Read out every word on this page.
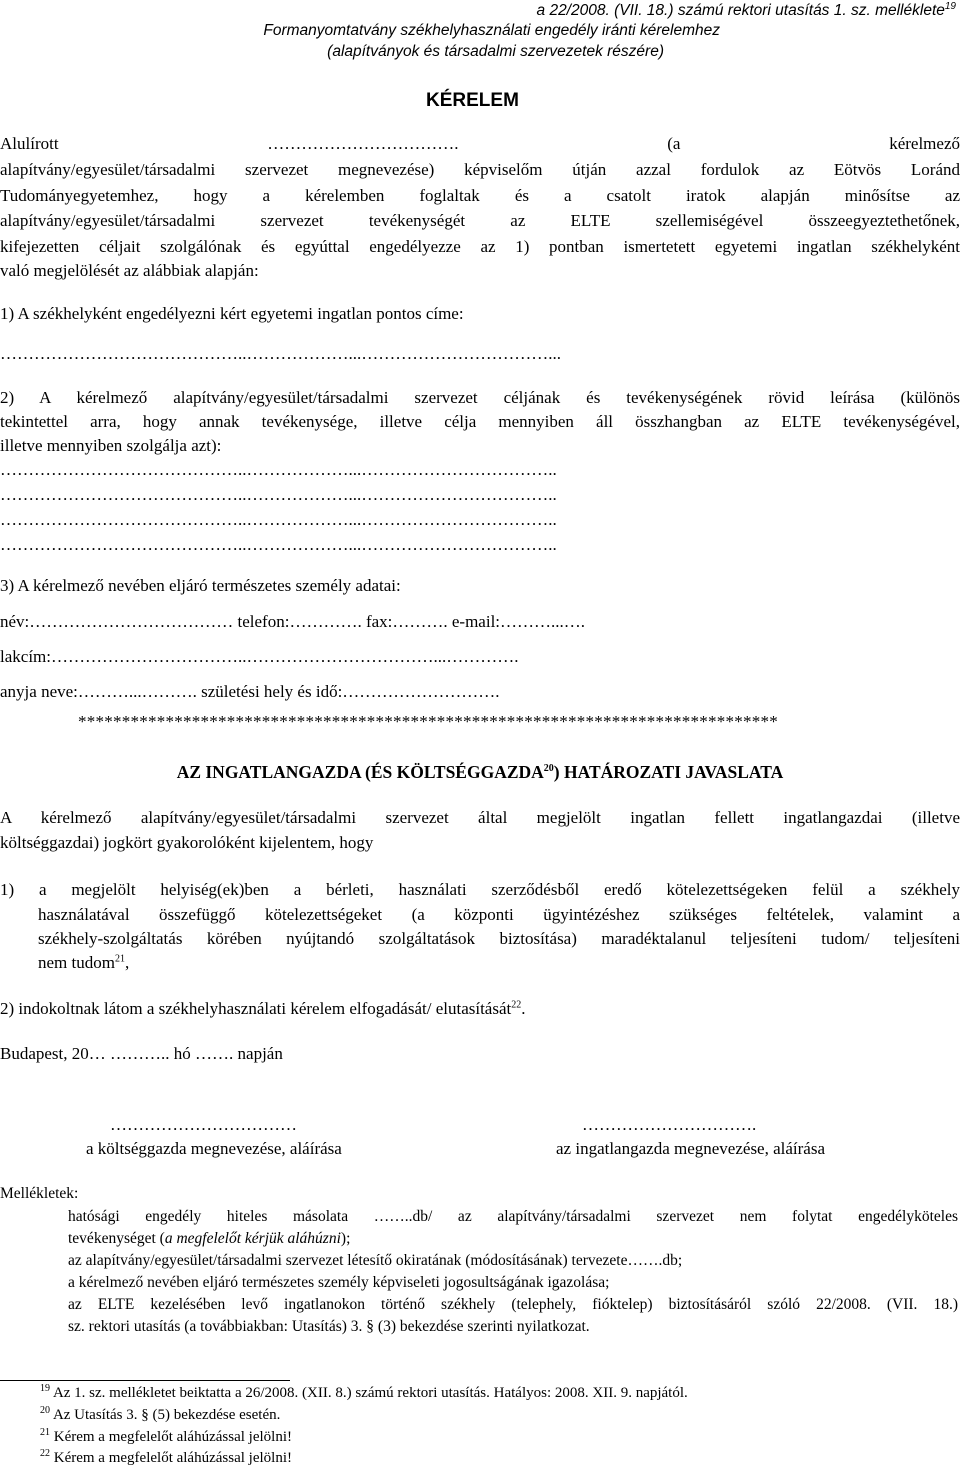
a 22/2008. (VII. 18.) számú rektori utasítás 1. sz. melléklete$^{19}$
Formanyomtatvány székhelyhasználati engedély iránti kérelemhez
(alapítványok és társadalmi szervezetek részére)
KÉRELEM
Alulírott ……………………………. (a kérelmező
alapítvány/egyesület/társadalmi szervezet megnevezése) képviselőm útján azzal fordulok az Eötvös Loránd
Tudományegyetemhez, hogy a kérelemben foglaltak és a csatolt iratok alapján minősítse az
alapítvány/egyesület/társadalmi szervezet tevékenységét az ELTE szellemiségével összeegyeztethetőnek,
kifejezetten céljait szolgálónak és egyúttal engedélyezze az 1) pontban ismertetett egyetemi ingatlan székhelyként
való megjelölését az alábbiak alapján:
1) A székhelyként engedélyezni kért egyetemi ingatlan pontos címe:
……………………………………..………………...……………………………...
2) A kérelmező alapítvány/egyesület/társadalmi szervezet céljának és tevékenységének rövid leírása (különös
tekintettel arra, hogy annak tevékenysége, illetve célja mennyiben áll összhangban az ELTE tevékenységével,
illetve mennyiben szolgálja azt):
……………………………………..………………...……………………………..
……………………………………..………………...……………………………..
……………………………………..………………...……………………………..
……………………………………..………………...……………………………..
3) A kérelmező nevében eljáró természetes személy adatai:
név:……………………………… telefon:…………. fax:………. e-mail:………...….
lakcím:……………………………..……………………………...………….
anyja neve:………...………. születési hely és idő:……………………….
********************************************************************************
AZ INGATLANGAZDA (ÉS KÖLTSÉGGAZDA$^{20}$) HATÁROZATI JAVASLATA
A kérelmező alapítvány/egyesület/társadalmi szervezet által megjelölt ingatlan fellett ingatlangazdai (illetve
költséggazdai) jogkört gyakorolóként kijelentem, hogy
1) a megjelölt helyiség(ek)ben a bérleti, használati szerződésből eredő kötelezettségeken felül a székhely
használatával összefüggő kötelezettségeket (a központi ügyintézéshez szükséges feltételek, valamint a
székhely-szolgáltatás körében nyújtandó szolgáltatások biztosítása) maradéktalanul teljesíteni tudom/ teljesíteni
nem tudom$^{21}$,
2) indokoltnak látom a székhelyhasználati kérelem elfogadását/ elutasítását$^{22}$.
Budapest, 20… ……….. hó ……. napján
……………………………
a költséggazda megnevezése, aláírása
………………………….
az ingatlangazda megnevezése, aláírása
Mellékletek:
hatósági engedély hiteles másolata ……..db/ az alapítvány/társadalmi szervezet nem folytat engedélyköteles
tevékenységet (a megfelelőt kérjük aláhúzni);
az alapítvány/egyesület/társadalmi szervezet létesítő okiratának (módosításának) tervezete…….db;
a kérelmező nevében eljáró természetes személy képviseleti jogosultságának igazolása;
az ELTE kezelésében levő ingatlanokon történő székhely (telephely, fióktelep) biztosításáról szóló 22/2008. (VII. 18.)
sz. rektori utasítás (a továbbiakban: Utasítás) 3. § (3) bekezdése szerinti nyilatkozat.
$^{19}$ Az 1. sz. mellékletet beiktatta a 26/2008. (XII. 8.) számú rektori utasítás. Hatályos: 2008. XII. 9. napjától.
$^{20}$ Az Utasítás 3. § (5) bekezdése esetén.
$^{21}$ Kérem a megfelelőt aláhúzással jelölni!
$^{22}$ Kérem a megfelelőt aláhúzással jelölni!
